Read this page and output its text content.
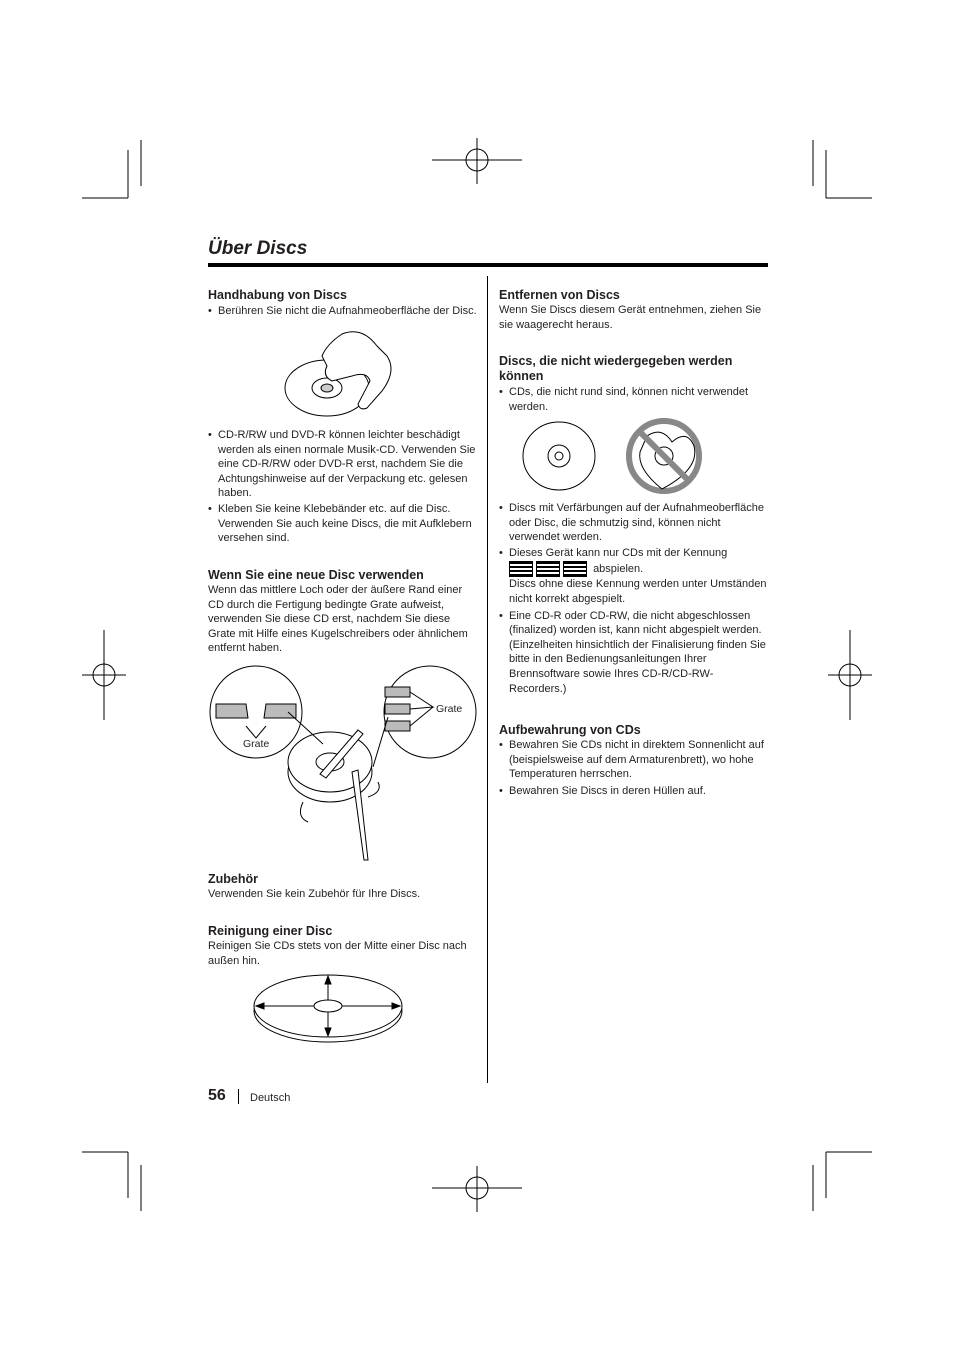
Über Discs

Handhabung von Discs

• Berühren Sie nicht die Aufnahmeoberfläche der Disc.
• CD-R/RW und DVD-R können leichter beschädigt werden als einen normale Musik-CD. Verwenden Sie eine CD-R/RW oder DVD-R erst, nachdem Sie die Achtungshinweise auf der Verpackung etc. gelesen haben.
• Kleben Sie keine Klebebänder etc. auf die Disc. Verwenden Sie auch keine Discs, die mit Aufklebern versehen sind.

Wenn Sie eine neue Disc verwenden

Wenn das mittlere Loch oder der äußere Rand einer CD durch die Fertigung bedingte Grate aufweist, verwenden Sie diese CD erst, nachdem Sie diese Grate mit Hilfe eines Kugelschreibers oder ähnlichem entfernt haben.

Grate
Grate

Zubehör

Verwenden Sie kein Zubehör für Ihre Discs.

Reinigung einer Disc

Reinigen Sie CDs stets von der Mitte einer Disc nach außen hin.

Entfernen von Discs

Wenn Sie Discs diesem Gerät entnehmen, ziehen Sie sie waagerecht heraus.

Discs, die nicht wiedergegeben werden können

• CDs, die nicht rund sind, können nicht verwendet werden.
• Discs mit Verfärbungen auf der Aufnahmeoberfläche oder Disc, die schmutzig sind, können nicht verwendet werden.
• Dieses Gerät kann nur CDs mit der Kennung
abspielen.
Discs ohne diese Kennung werden unter Umständen nicht korrekt abgespielt.
• Eine CD-R oder CD-RW, die nicht abgeschlossen (finalized) worden ist, kann nicht abgespielt werden. (Einzelheiten hinsichtlich der Finalisierung finden Sie bitte in den Bedienungsanleitungen Ihrer Brennsoftware sowie Ihres CD-R/CD-RW-Recorders.)

Aufbewahrung von CDs

• Bewahren Sie CDs nicht in direktem Sonnenlicht auf (beispielsweise auf dem Armaturenbrett), wo hohe Temperaturen herrschen.
• Bewahren Sie Discs in deren Hüllen auf.
56 Deutsch
